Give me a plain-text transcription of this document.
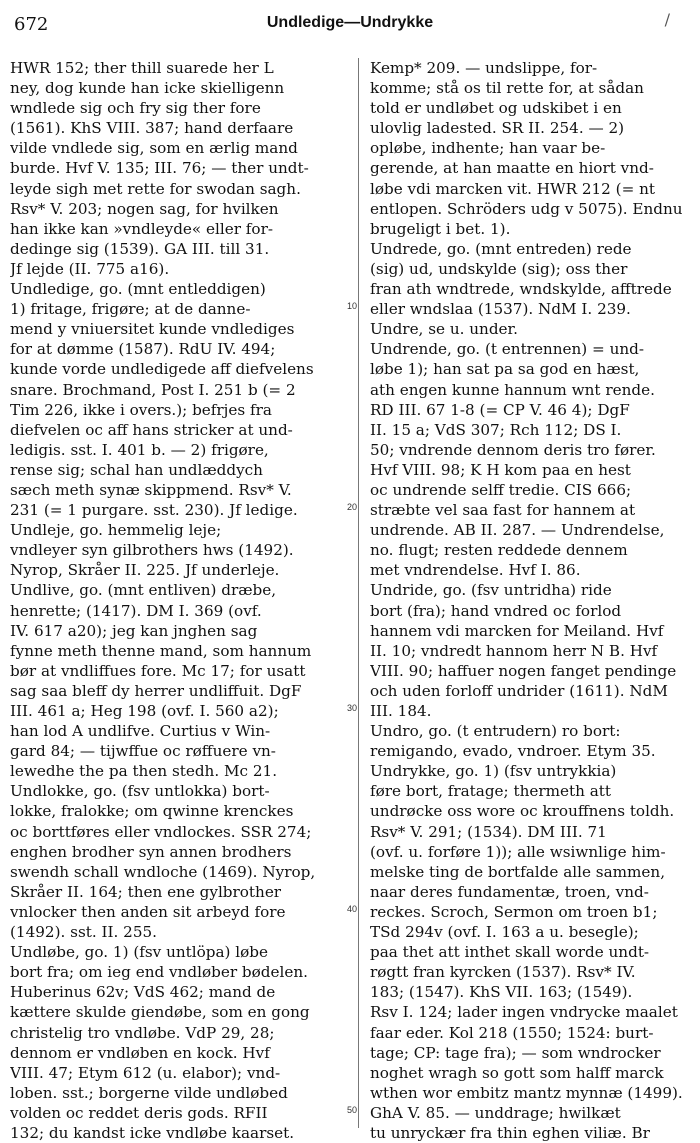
672	Undledige—Undrykke	/
HWR 152; ther thill suarede her L
ney, dog kunde han icke skielligenn
wndlede sig och fry sig ther fore
(1561). KhS VIII. 387; hand derfaare
vilde vndlede sig, som en ærlig mand
burde. Hvf V. 135; III. 76; — ther undt-
leyde sigh met rette for swodan sagh.
Rsv* V. 203; nogen sag, for hvilken
han ikke kan »vndleyde« eller for-
dedinge sig (1539). GA III. till 31.
Jf lejde (II. 775 a16).
Undledige, go. (mnt entleddigen)
1) fritage, frigøre; at de danne-
mend y vniuersitet kunde vndlediges
for at dømme (1587). RdU IV. 494;
kunde vorde undledigede aff diefvelens
snare. Brochmand, Post I. 251 b (= 2
Tim 226, ikke i overs.); befrjes fra
diefvelen oc aff hans stricker at und-
ledigis. sst. I. 401 b. — 2) frigøre,
rense sig; schal han undlæddych
sæch meth synæ skippmend. Rsv* V.
231 (= 1 purgare. sst. 230). Jf ledige.
Undleje, go. hemmelig leje;
vndleyer syn gilbrothers hws (1492).
Nyrop, Skråer II. 225. Jf underleje.
Undlive, go. (mnt entliven) dræbe,
henrette; (1417). DM I. 369 (ovf.
IV. 617 a20); jeg kan jnghen sag
fynne meth thenne mand, som hannum
bør at vndliffues fore. Mc 17; for usatt
sag saa bleff dy herrer undliffuit. DgF
III. 461 a; Heg 198 (ovf. I. 560 a2);
han lod A undlifve. Curtius v Win-
gard 84; — tijwffue oc røffuere vn-
lewedhe the pa then stedh. Mc 21.
Undlokke, go. (fsv untlokka) bort-
lokke, fralokke; om qwinne krenckes
oc borttføres eller vndlockes. SSR 274;
enghen brodher syn annen brodhers
swendh schall wndloche (1469). Nyrop,
Skråer II. 164; then ene gylbrother
vnlocker then anden sit arbeyd fore
(1492). sst. II. 255.
Undløbe, go. 1) (fsv untlöpa) løbe
bort fra; om ieg end vndløber bødelen.
Huberinus 62v; VdS 462; mand de
kættere skulde giendøbe, som en gong
christelig tro vndløbe. VdP 29, 28;
dennom er vndløben en kock. Hvf
VIII. 47; Etym 612 (u. elabor); vnd-
loben. sst.; borgerne vilde undløbed
volden oc reddet deris gods. RFII
132; du kandst icke vndløbe kaarset.
Kemp* 209. — undslippe, for-
komme; stå os til rette for, at sådan
told er undløbet og udskibet i en
ulovlig ladested. SR II. 254. — 2)
opløbe, indhente; han vaar be-
gerende, at han maatte en hiort vnd-
løbe vdi marcken vit. HWR 212 (= nt
entlopen. Schröders udg v 5075). Endnu
brugeligt i bet. 1).
Undrede, go. (mnt entreden) rede
(sig) ud, undskylde (sig); oss ther
fran ath wndtrede, wndskylde, afftrede
eller wndslaa (1537). NdM I. 239.
Undre, se u. under.
Undrende, go. (t entrennen) = und-
løbe 1); han sat pa sa god en hæst,
ath engen kunne hannum wnt rende.
RD III. 67 1-8 (= CP V. 46 4); DgF
II. 15 a; VdS 307; Rch 112; DS I.
50; vndrende dennom deris tro fører.
Hvf VIII. 98; K H kom paa en hest
oc undrende selff tredie. CIS 666;
stræbte vel saa fast for hannem at
undrende. AB II. 287. — Undrendelse,
no. flugt; resten reddede dennem
met vndrendelse. Hvf I. 86.
Undride, go. (fsv untridha) ride
bort (fra); hand vndred oc forlod
hannem vdi marcken for Meiland. Hvf
II. 10; vndredt hannom herr N B. Hvf
VIII. 90; haffuer nogen fanget pendinge
och uden forloff undrider (1611). NdM
III. 184.
Undro, go. (t entrudern) ro bort:
remigando, evado, vndroer. Etym 35.
Undrykke, go. 1) (fsv untrykkia)
føre bort, fratage; thermeth att
undrøcke oss wore oc krouffnens toldh.
Rsv* V. 291; (1534). DM III. 71
(ovf. u. forføre 1)); alle wsiwnlige him-
melske ting de bortfalde alle sammen,
naar deres fundamentæ, troen, vnd-
reckes. Scroch, Sermon om troen b1;
TSd 294v (ovf. I. 163 a u. besegle);
paa thet att inthet skall worde undt-
røgtt fran kyrcken (1537). Rsv* IV.
183; (1547). KhS VII. 163; (1549).
Rsv I. 124; lader ingen vndrycke maalet
faar eder. Kol 218 (1550; 1524: burt-
tage; CP: tage fra); — som wndrocker
noghet wragh so gott som halff marck
wthen wor embitz mantz mynnæ (1499).
GhA V. 85. — unddrage; hwilkæt
tu unryckær fra thin eghen viliæ. Br
10
20
30
40
50
